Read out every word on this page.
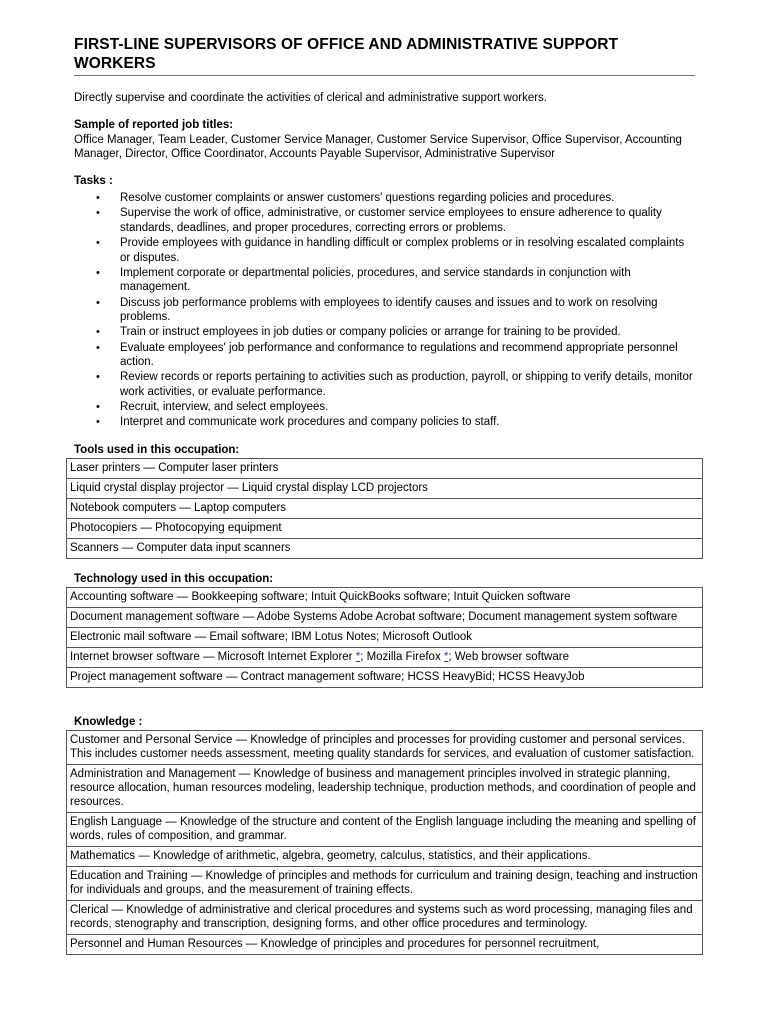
FIRST-LINE SUPERVISORS OF OFFICE AND ADMINISTRATIVE SUPPORT WORKERS
Directly supervise and coordinate the activities of clerical and administrative support workers.
Sample of reported job titles:
Office Manager, Team Leader, Customer Service Manager, Customer Service Supervisor, Office Supervisor, Accounting Manager, Director, Office Coordinator, Accounts Payable Supervisor, Administrative Supervisor
Tasks :
• Resolve customer complaints or answer customers' questions regarding policies and procedures.
• Supervise the work of office, administrative, or customer service employees to ensure adherence to quality standards, deadlines, and proper procedures, correcting errors or problems.
• Provide employees with guidance in handling difficult or complex problems or in resolving escalated complaints or disputes.
• Implement corporate or departmental policies, procedures, and service standards in conjunction with management.
• Discuss job performance problems with employees to identify causes and issues and to work on resolving problems.
• Train or instruct employees in job duties or company policies or arrange for training to be provided.
• Evaluate employees' job performance and conformance to regulations and recommend appropriate personnel action.
• Review records or reports pertaining to activities such as production, payroll, or shipping to verify details, monitor work activities, or evaluate performance.
• Recruit, interview, and select employees.
• Interpret and communicate work procedures and company policies to staff.
Tools used in this occupation:
Laser printers — Computer laser printers
Liquid crystal display projector — Liquid crystal display LCD projectors
Notebook computers — Laptop computers
Photocopiers — Photocopying equipment
Scanners — Computer data input scanners
Technology used in this occupation:
Accounting software — Bookkeeping software; Intuit QuickBooks software; Intuit Quicken software
Document management software — Adobe Systems Adobe Acrobat software; Document management system software
Electronic mail software — Email software; IBM Lotus Notes; Microsoft Outlook
Internet browser software — Microsoft Internet Explorer *; Mozilla Firefox *; Web browser software
Project management software — Contract management software; HCSS HeavyBid; HCSS HeavyJob
Knowledge :
Customer and Personal Service — Knowledge of principles and processes for providing customer and personal services. This includes customer needs assessment, meeting quality standards for services, and evaluation of customer satisfaction.
Administration and Management — Knowledge of business and management principles involved in strategic planning, resource allocation, human resources modeling, leadership technique, production methods, and coordination of people and resources.
English Language — Knowledge of the structure and content of the English language including the meaning and spelling of words, rules of composition, and grammar.
Mathematics — Knowledge of arithmetic, algebra, geometry, calculus, statistics, and their applications.
Education and Training — Knowledge of principles and methods for curriculum and training design, teaching and instruction for individuals and groups, and the measurement of training effects.
Clerical — Knowledge of administrative and clerical procedures and systems such as word processing, managing files and records, stenography and transcription, designing forms, and other office procedures and terminology.
Personnel and Human Resources — Knowledge of principles and procedures for personnel recruitment,
